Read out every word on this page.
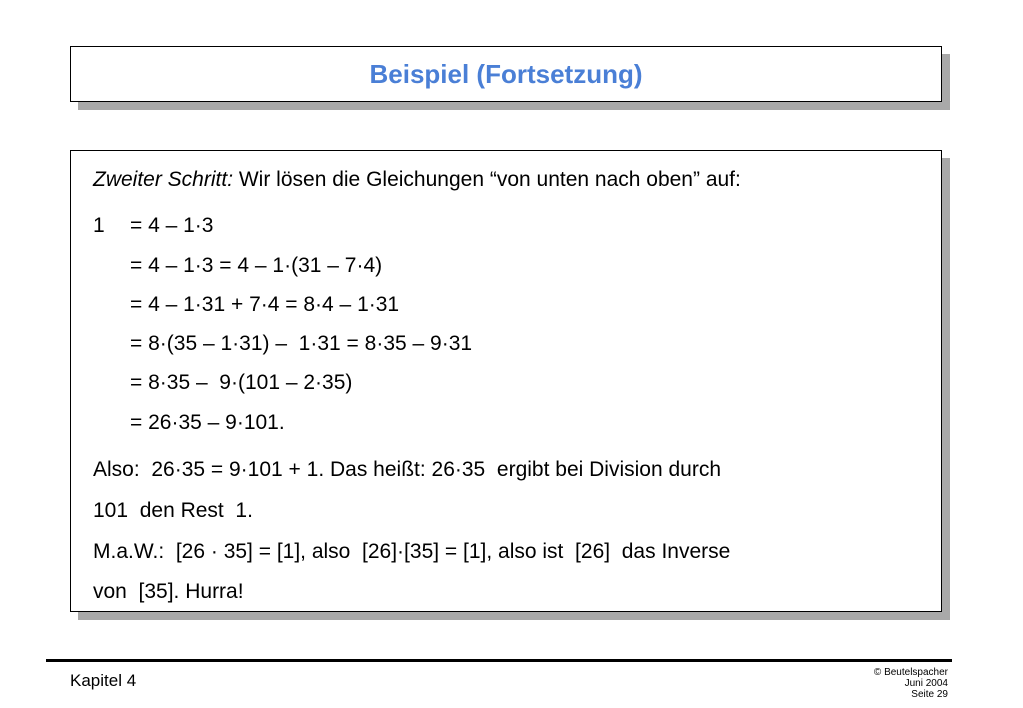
Beispiel (Fortsetzung)
Zweiter Schritt: Wir lösen die Gleichungen “von unten nach oben” auf:
1 = 4 – 1·3
= 4 – 1·3 = 4 – 1·(31 – 7·4)
= 4 – 1·31 + 7·4 = 8·4 – 1·31
= 8·(35 – 1·31) –  1·31 = 8·35 – 9·31
= 8·35 –  9·(101 – 2·35)
= 26·35 – 9·101.
Also:  26·35 = 9·101 + 1. Das heißt: 26·35  ergibt bei Division durch
101  den Rest  1.
M.a.W.:  [26 · 35] = [1], also  [26]·[35] = [1], also ist  [26]  das Inverse
von  [35]. Hurra!
Kapitel 4	© Beutelspacher
Juni 2004
Seite 29
